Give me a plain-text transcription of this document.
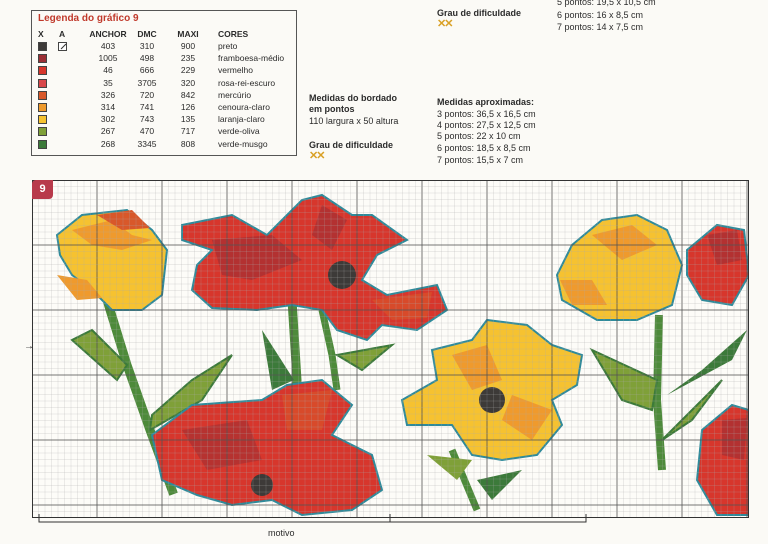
Legenda do gráfico 9
X A	ANCHOR	DMC	MAXI	CORES
403	310	900	preto
1005	498	235	framboesa-médio
46	666	229	vermelho
35	3705	320	rosa-rei-escuro
326	720	842	mercúrio
314	741	126	cenoura-claro
302	743	135	laranja-claro
267	470	717	verde-oliva
268	3345	808	verde-musgo
Grau de dificuldade
✕✕
5 pontos: 19,5 x 10,5 cm
6 pontos: 16 x 8,5 cm
7 pontos: 14 x 7,5 cm
Medidas do bordado
em pontos
110 largura x 50 altura
Grau de dificuldade
✕✕
Medidas aproximadas:
3 pontos: 36,5 x 16,5 cm
4 pontos: 27,5 x 12,5 cm
5 pontos: 22 x 10 cm
6 pontos: 18,5 x 8,5 cm
7 pontos: 15,5 x 7 cm
9
→
motivo
